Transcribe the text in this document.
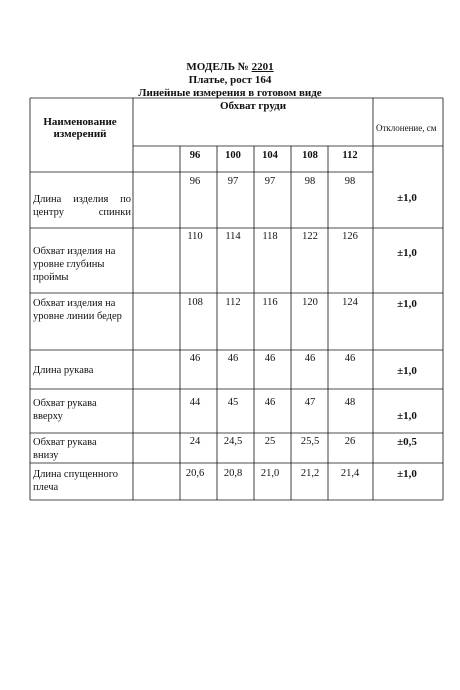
МОДЕЛЬ № 2201
Платье, рост 164
Линейные измерения в готовом виде
Наименование измерений
Обхват груди
Отклонение, см
96	100	104	108	112
Длина изделия по центру спинки
96	97	97	98	98
±1,0
Обхват изделия на уровне глубины проймы
110	114	118	122	126
±1,0
Обхват изделия на уровне линии бедер
108	112	116	120	124	±1,0
Длина рукава
46	46	46	46	46
±1,0
Обхват рукава вверху
44	45	46	47	48
±1,0
Обхват рукава внизу
24	24,5	25	25,5	26	±0,5
Длина спущенного плеча
20,6	20,8	21,0	21,2	21,4	±1,0
